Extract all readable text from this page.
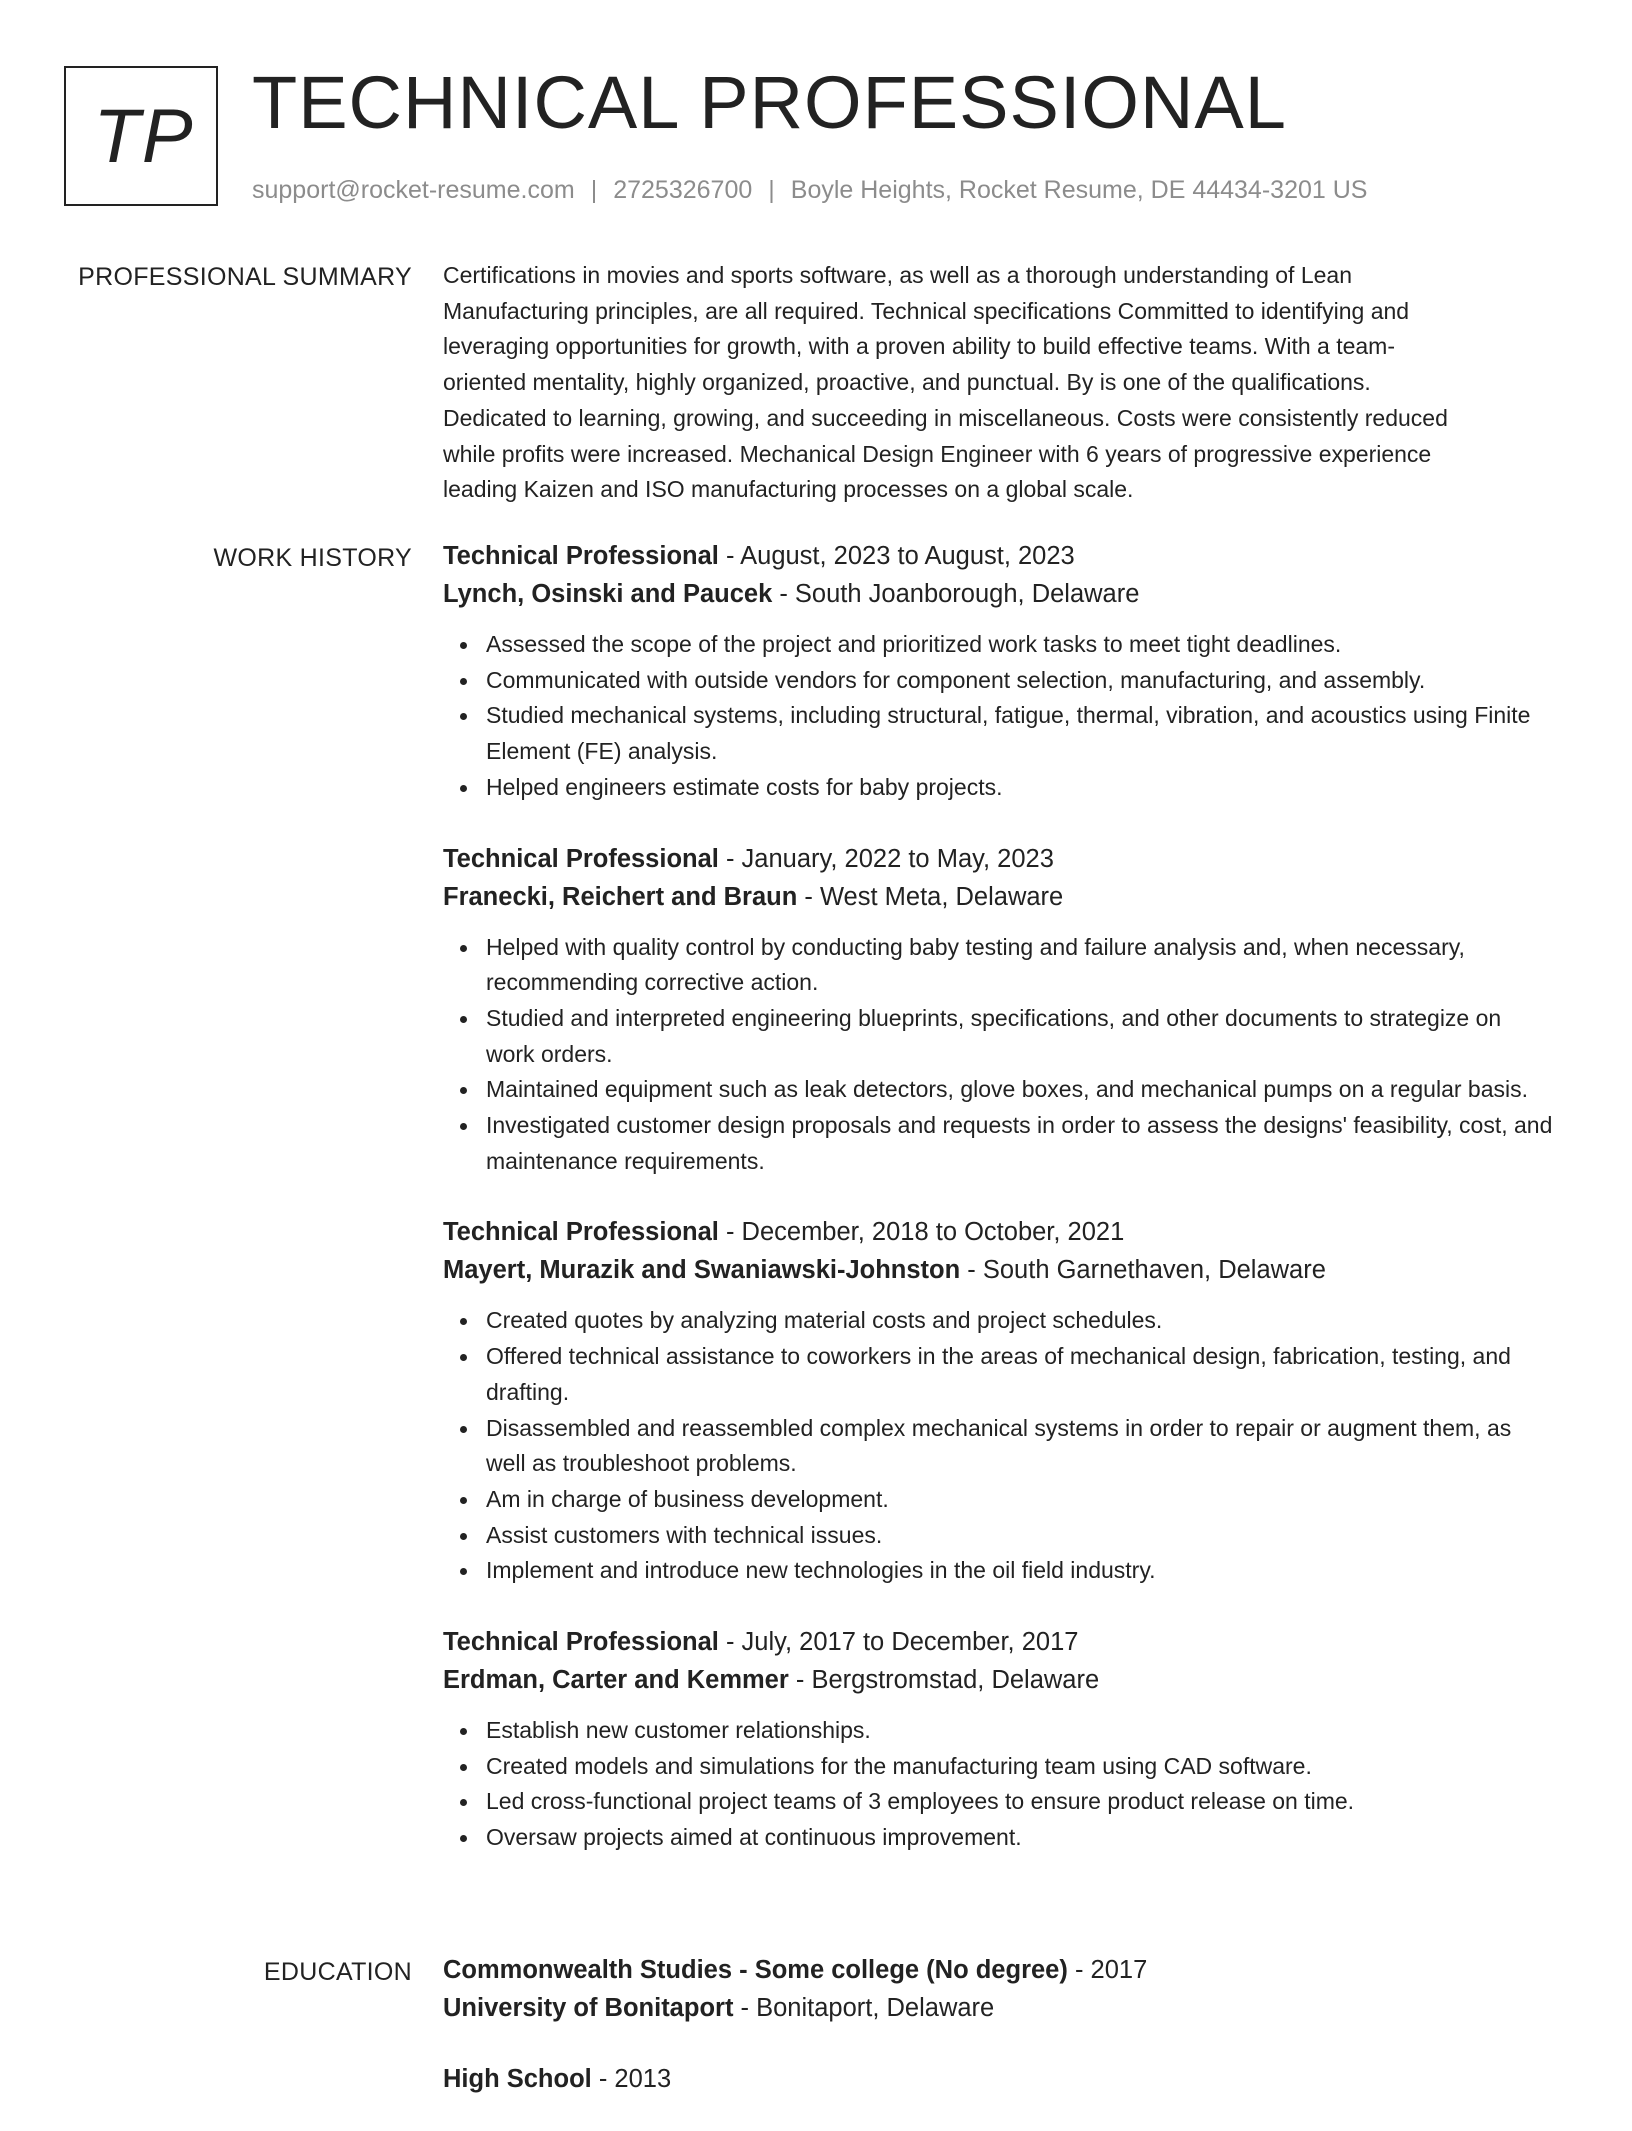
TP TECHNICAL PROFESSIONAL
support@rocket-resume.com | 2725326700 | Boyle Heights, Rocket Resume, DE 44434-3201 US
PROFESSIONAL SUMMARY Certifications in movies and sports software, as well as a thorough understanding of Lean
Manufacturing principles, are all required. Technical specifications Committed to identifying and
leveraging opportunities for growth, with a proven ability to build effective teams. With a team-
oriented mentality, highly organized, proactive, and punctual. By is one of the qualifications.
Dedicated to learning, growing, and succeeding in miscellaneous. Costs were consistently reduced
while profits were increased. Mechanical Design Engineer with 6 years of progressive experience
leading Kaizen and ISO manufacturing processes on a global scale.

WORK HISTORY Technical Professional - August, 2023 to August, 2023
Lynch, Osinski and Paucek - South Joanborough, Delaware
Assessed the scope of the project and prioritized work tasks to meet tight deadlines.
Communicated with outside vendors for component selection, manufacturing, and assembly.
Studied mechanical systems, including structural, fatigue, thermal, vibration, and acoustics using Finite Element (FE) analysis.
Helped engineers estimate costs for baby projects.
Technical Professional - January, 2022 to May, 2023
Franecki, Reichert and Braun - West Meta, Delaware
Helped with quality control by conducting baby testing and failure analysis and, when necessary, recommending corrective action.
Studied and interpreted engineering blueprints, specifications, and other documents to strategize on work orders.
Maintained equipment such as leak detectors, glove boxes, and mechanical pumps on a regular basis.
Investigated customer design proposals and requests in order to assess the designs' feasibility, cost, and maintenance requirements.
Technical Professional - December, 2018 to October, 2021
Mayert, Murazik and Swaniawski-Johnston - South Garnethaven, Delaware
Created quotes by analyzing material costs and project schedules.
Offered technical assistance to coworkers in the areas of mechanical design, fabrication, testing, and drafting.
Disassembled and reassembled complex mechanical systems in order to repair or augment them, as well as troubleshoot problems.
Am in charge of business development.
Assist customers with technical issues.
Implement and introduce new technologies in the oil field industry.
Technical Professional - July, 2017 to December, 2017
Erdman, Carter and Kemmer - Bergstromstad, Delaware
Establish new customer relationships.
Created models and simulations for the manufacturing team using CAD software.
Led cross-functional project teams of 3 employees to ensure product release on time.
Oversaw projects aimed at continuous improvement.
EDUCATION Commonwealth Studies - Some college (No degree) - 2017
University of Bonitaport - Bonitaport, Delaware
High School - 2013
